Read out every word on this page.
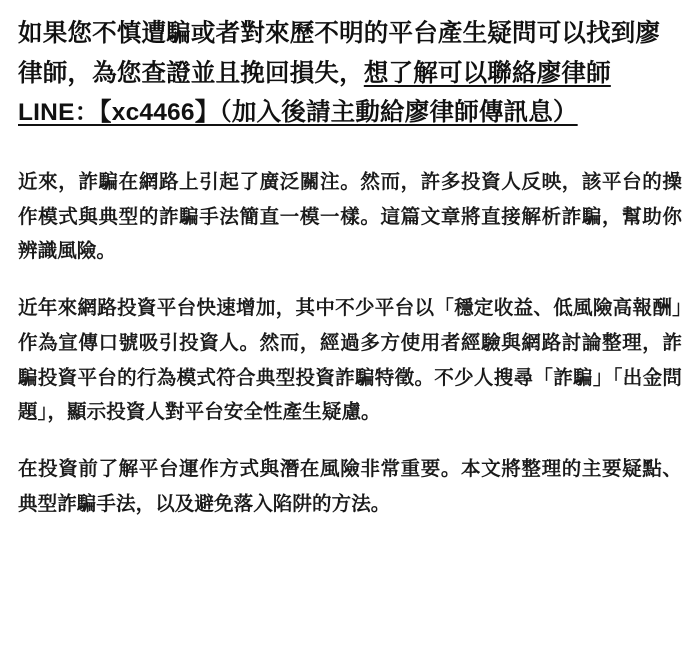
如果您不慎遭騙或者對來歷不明的平台產生疑問可以找到廖律師，為您查證並且挽回損失，想了解可以聯絡廖律師 LINE：【xc4466】（加入後請主動給廖律師傳訊息）

近來，詐騙在網路上引起了廣泛關注。然而，許多投資人反映，該平台的操作模式與典型的詐騙手法簡直一模一樣。這篇文章將直接解析詐騙，幫助你辨識風險。

近年來網路投資平台快速增加，其中不少平台以「穩定收益、低風險高報酬」作為宣傳口號吸引投資人。然而，經過多方使用者經驗與網路討論整理，詐騙投資平台的行為模式符合典型投資詐騙特徵。不少人搜尋「詐騙」「出金問題」，顯示投資人對平台安全性產生疑慮。

在投資前了解平台運作方式與潛在風險非常重要。本文將整理的主要疑點、典型詐騙手法，以及避免落入陷阱的方法。
